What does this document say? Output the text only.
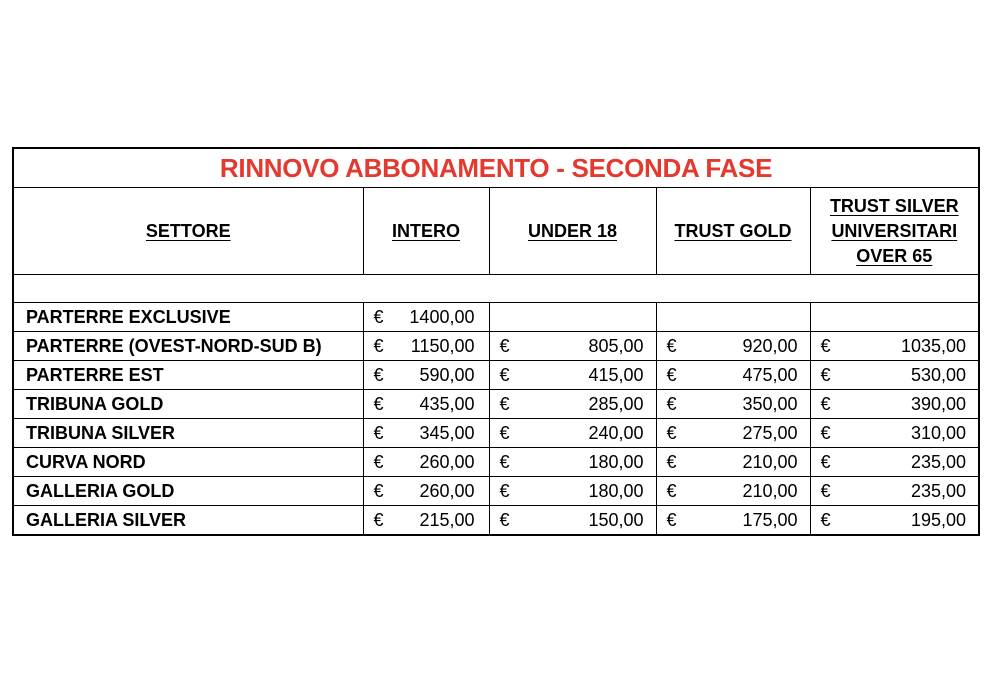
RINNOVO ABBONAMENTO - SECONDA FASE				

SETTORE	INTERO	UNDER 18	TRUST GOLD	TRUST SILVER
UNIVERSITARI
OVER 65

PARTERRE EXCLUSIVE	€ 1400,00			

PARTERRE (OVEST-NORD-SUD B)	€ 1150,00	€ 805,00	€ 920,00	€ 1035,00

PARTERRE EST	€ 590,00	€ 415,00	€ 475,00	€ 530,00

TRIBUNA GOLD	€ 435,00	€ 285,00	€ 350,00	€ 390,00

TRIBUNA SILVER	€ 345,00	€ 240,00	€ 275,00	€ 310,00

CURVA NORD	€ 260,00	€ 180,00	€ 210,00	€ 235,00

GALLERIA GOLD	€ 260,00	€ 180,00	€ 210,00	€ 235,00

GALLERIA SILVER	€ 215,00	€ 150,00	€ 175,00	€ 195,00
